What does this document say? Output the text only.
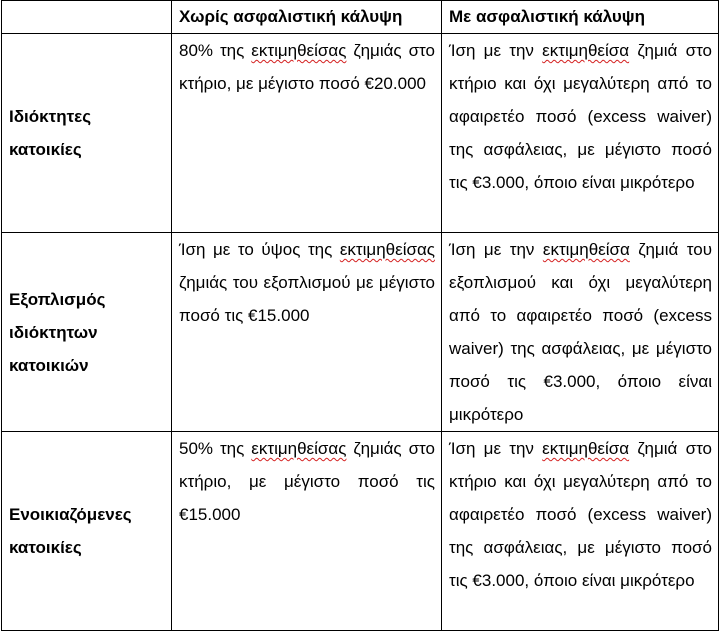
	Χωρίς ασφαλιστική κάλυψη	Με ασφαλιστική κάλυψη
Ιδιόκτητες κατοικίες	80% της εκτιμηθείσας ζημιάς στο κτήριο, με μέγιστο ποσό €20.000	Ίση με την εκτιμηθείσα ζημιά στο κτήριο και όχι μεγαλύτερη από το αφαιρετέο ποσό (excess waiver) της ασφάλειας, με μέγιστο ποσό τις €3.000, όποιο είναι μικρότερο
Εξοπλισμός ιδιόκτητων κατοικιών	Ίση με το ύψος της εκτιμηθείσας ζημιάς του εξοπλισμού με μέγιστο ποσό τις €15.000	Ίση με την εκτιμηθείσα ζημιά του εξοπλισμού και όχι μεγαλύτερη από το αφαιρετέο ποσό (excess waiver) της ασφάλειας, με μέγιστο ποσό τις €3.000, όποιο είναι μικρότερο
Ενοικιαζόμενες κατοικίες	50% της εκτιμηθείσας ζημιάς στο κτήριο, με μέγιστο ποσό τις €15.000	Ίση με την εκτιμηθείσα ζημιά στο κτήριο και όχι μεγαλύτερη από το αφαιρετέο ποσό (excess waiver) της ασφάλειας, με μέγιστο ποσό τις €3.000, όποιο είναι μικρότερο
